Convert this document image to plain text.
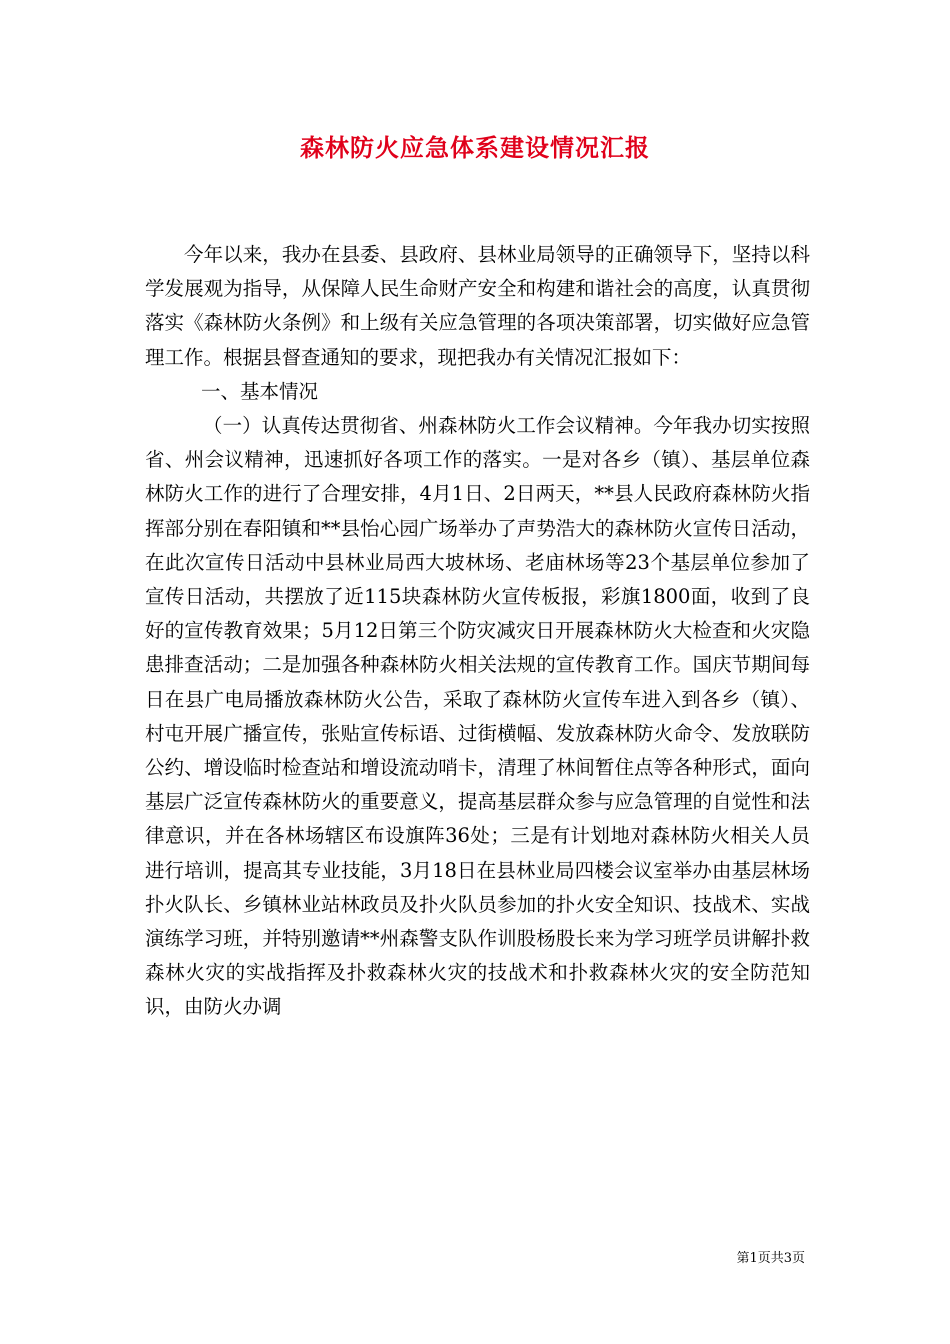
森林防火应急体系建设情况汇报

今年以来，我办在县委、县政府、县林业局领导的正确领导下，坚持以科学发展观为指导，从保障人民生命财产安全和构建和谐社会的高度，认真贯彻落实《森林防火条例》和上级有关应急管理的各项决策部署，切实做好应急管理工作。根据县督查通知的要求，现把我办有关情况汇报如下：

一、基本情况

（一）认真传达贯彻省、州森林防火工作会议精神。今年我办切实按照省、州会议精神，迅速抓好各项工作的落实。一是对各乡（镇）、基层单位森林防火工作的进行了合理安排，4月1日、2日两天，**县人民政府森林防火指挥部分别在春阳镇和**县怡心园广场举办了声势浩大的森林防火宣传日活动，在此次宣传日活动中县林业局西大坡林场、老庙林场等23个基层单位参加了宣传日活动，共摆放了近115块森林防火宣传板报，彩旗1800面，收到了良好的宣传教育效果；5月12日第三个防灾减灾日开展森林防火大检查和火灾隐患排查活动；二是加强各种森林防火相关法规的宣传教育工作。国庆节期间每日在县广电局播放森林防火公告，采取了森林防火宣传车进入到各乡（镇）、村屯开展广播宣传，张贴宣传标语、过街横幅、发放森林防火命令、发放联防公约、增设临时检查站和增设流动哨卡，清理了林间暂住点等各种形式，面向基层广泛宣传森林防火的重要意义，提高基层群众参与应急管理的自觉性和法律意识，并在各林场辖区布设旗阵36处；三是有计划地对森林防火相关人员进行培训，提高其专业技能，3月18日在县林业局四楼会议室举办由基层林场扑火队长、乡镇林业站林政员及扑火队员参加的扑火安全知识、技战术、实战演练学习班，并特别邀请**州森警支队作训股杨股长来为学习班学员讲解扑救森林火灾的实战指挥及扑救森林火灾的技战术和扑救森林火灾的安全防范知识，由防火办调

第1页共3页
